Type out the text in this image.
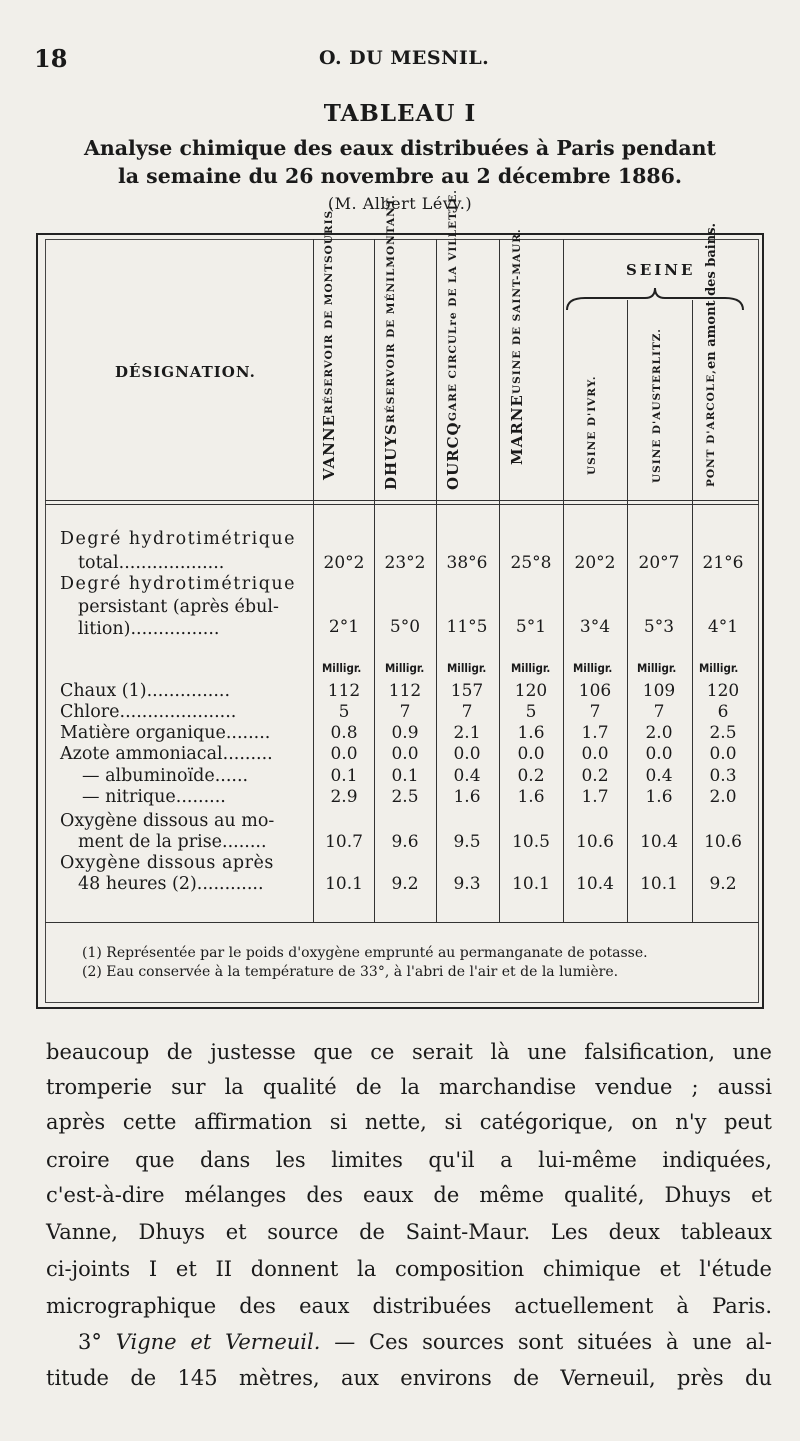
18	O. DU MESNIL.
TABLEAU I
Analyse chimique des eaux distribuées à Paris pendant
la semaine du 26 novembre au 2 décembre 1886.
(M. Albert Lévy.)
DÉSIGNATION.
SEINE
VANNE
RÉSERVOIR DE MONTSOURIS.
DHUYS
RÉSERVOIR DE MÉNILMONTANT.
OURCQ
GARE CIRCULre DE LA VILLETTE.
MARNE
USINE DE SAINT-MAUR.
USINE D'IVRY.	USINE D'AUSTERLITZ.	PONT D'ARCOLE,
en amont des bains.
Degré hydrotimétrique
total...................	20°2	23°2	38°6	25°8	20°2	20°7	21°6
Degré hydrotimétrique
persistant (après ébul-
lition)................	2°1	5°0	11°5	5°1	3°4	5°3	4°1
Milligr. Milligr. Milligr. Milligr. Milligr. Milligr. Milligr.
Chaux (1)...............	112	112	157	120	106	109	120
Chlore.....................	5	7	7	5	7	7	6
Matière organique........	0.8	0.9	2.1	1.6	1.7	2.0	2.5
Azote ammoniacal.........	0.0	0.0	0.0	0.0	0.0	0.0	0.0
— albuminoïde......	0.1	0.1	0.4	0.2	0.2	0.4	0.3
— nitrique.........	2.9	2.5	1.6	1.6	1.7	1.6	2.0
Oxygène dissous au mo-
ment de la prise........	10.7	9.6	9.5	10.5	10.6	10.4	10.6
Oxygène dissous après
48 heures (2)............	10.1	9.2	9.3	10.1	10.4	10.1	9.2
(1) Représentée par le poids d'oxygène emprunté au permanganate de potasse.
(2) Eau conservée à la température de 33°, à l'abri de l'air et de la lumière.
beaucoup de justesse que ce serait là une falsification, une
tromperie sur la qualité de la marchandise vendue ; aussi
après cette affirmation si nette, si catégorique, on n'y peut
croire que dans les limites qu'il a lui-même indiquées,
c'est-à-dire mélanges des eaux de même qualité, Dhuys et
Vanne, Dhuys et source de Saint-Maur. Les deux tableaux
ci-joints I et II donnent la composition chimique et l'étude
micrographique des eaux distribuées actuellement à Paris.
3° Vigne et Verneuil. — Ces sources sont situées à une al-
titude de 145 mètres, aux environs de Verneuil, près du
